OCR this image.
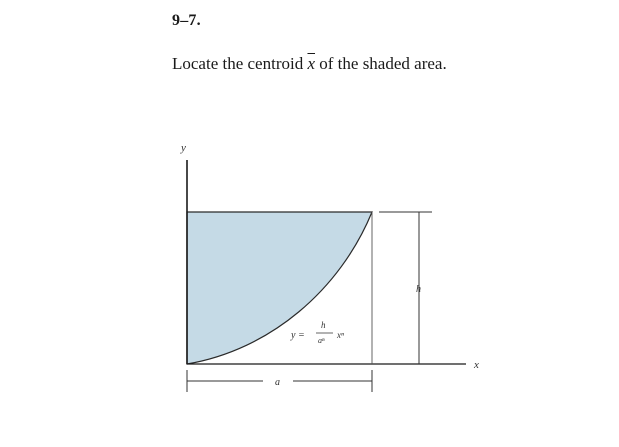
9–7.
Locate the centroid $\overline{x}$ of the shaded area.
y
x
h
a
y =
h
aⁿ
xⁿ
